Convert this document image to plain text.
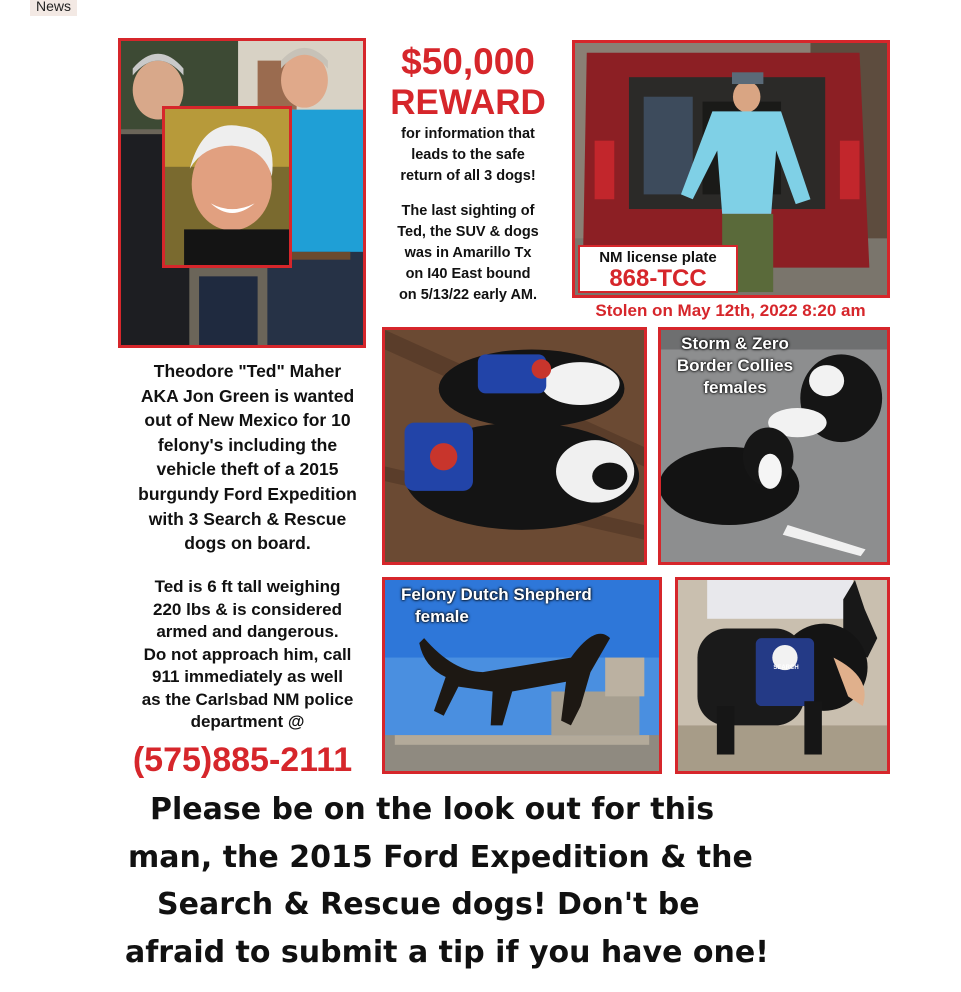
News
$50,000
REWARD
for information that
leads to the safe
return of all 3 dogs!
The last sighting of
Ted, the SUV & dogs
was in Amarillo Tx
on I40 East bound
on 5/13/22 early AM.
NM license plate
868-TCC
Stolen on May 12th, 2022 8:20 am
Theodore "Ted" Maher
AKA Jon Green is wanted
out of New Mexico for 10
felony's including the
vehicle theft of a 2015
burgundy Ford Expedition
with 3 Search & Rescue
dogs on board.
Ted is 6 ft tall weighing
220 lbs & is considered
armed and dangerous.
Do not approach him, call
911 immediately as well
as the Carlsbad NM police
department @
(575)885-2111
Storm & Zero
Border Collies
females
Felony Dutch Shepherd
female
SEARCH
Please be on the look out for this
man, the 2015 Ford Expedition & the
Search & Rescue dogs! Don't be
afraid to submit a tip if you have one!
